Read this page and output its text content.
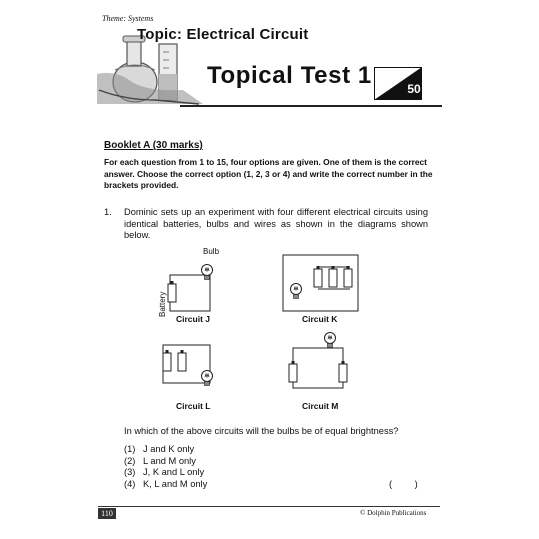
Theme: Systems
Topic: Electrical Circuit
Topical Test 1	50
Booklet A (30 marks)
For each question from 1 to 15, four options are given. One of them is the correct answer. Choose the correct option (1, 2, 3 or 4) and write the correct number in the brackets provided.
1. Dominic sets up an experiment with four different electrical circuits using identical batteries, bulbs and wires as shown in the diagrams shown below.
Bulb
Battery
Circuit J	Circuit K
Circuit L	Circuit M
In which of the above circuits will the bulbs be of equal brightness?
(1) J and K only
(2) L and M only
(3) J, K and L only
(4) K, L and M only	(      )
110	© Dolphin Publications
